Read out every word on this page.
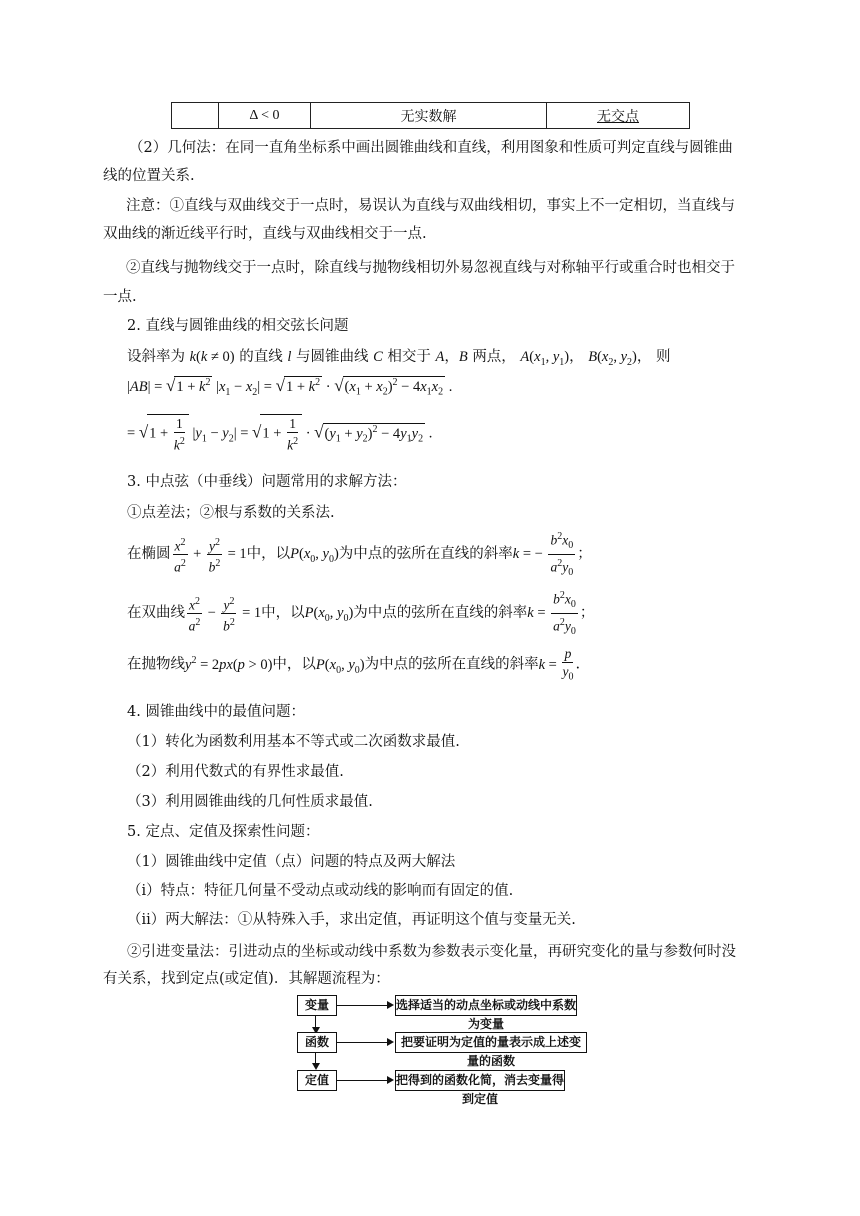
	Δ < 0	无实数解	无交点
（2）几何法：在同一直角坐标系中画出圆锥曲线和直线，利用图象和性质可判定直线与圆锥曲
线的位置关系.
注意：①直线与双曲线交于一点时，易误认为直线与双曲线相切，事实上不一定相切，当直线与
双曲线的渐近线平行时，直线与双曲线相交于一点.
②直线与抛物线交于一点时，除直线与抛物线相切外易忽视直线与对称轴平行或重合时也相交于
一点.
2. 直线与圆锥曲线的相交弦长问题
设斜率为 k(k ≠ 0) 的直线 l 与圆锥曲线 C 相交于 A，B 两点， $A(x_1$, $y_1$)， $B(x_2$, $y_2$)， 则
$|AB| = √1 + k^2$ $|x_1 - x_2| = √1 + k^2 \cdot √(x_1 + x_2)^2 - 4x_1x_2$ .
= $√1 + \frac{1}{k^2} |y_1 - y_2| = √1 + \frac{1}{k^2} \cdot √(y_1 + y_2)^2 - 4y_1y_2$ .
3. 中点弦（中垂线）问题常用的求解方法：
①点差法；②根与系数的关系法.
在椭圆 $\frac{x^2}{a^2} + \frac{y^2}{b^2} = 1$中，以$P(x_0$, $y_0$)为中点的弦所在直线的斜率k = − $\frac{b^2x_0}{a^2y_0}$ ；
在双曲线 $\frac{x^2}{a^2} - \frac{y^2}{b^2} = 1$中，以$P(x_0$, $y_0$)为中点的弦所在直线的斜率$k = \frac{b^2x_0}{a^2y_0}$ ；
在抛物线$y^2 = 2px(p > 0)$中，以$P(x_0$, $y_0$)为中点的弦所在直线的斜率$k = \frac{p}{y_0}$ .
4. 圆锥曲线中的最值问题：
（1）转化为函数利用基本不等式或二次函数求最值.
（2）利用代数式的有界性求最值.
（3）利用圆锥曲线的几何性质求最值.
5. 定点、定值及探索性问题：
（1）圆锥曲线中定值（点）问题的特点及两大解法
（ⅰ）特点：特征几何量不受动点或动线的影响而有固定的值.
（ⅱ）两大解法：①从特殊入手，求出定值，再证明这个值与变量无关.
②引进变量法：引进动点的坐标或动线中系数为参数表示变化量，再研究变化的量与参数何时没
有关系，找到定点(或定值)．其解题流程为：
变量	选择适当的动点坐标或动线中系数为变量
函数	把要证明为定值的量表示成上述变量的函数
定值	把得到的函数化简，消去变量得到定值
